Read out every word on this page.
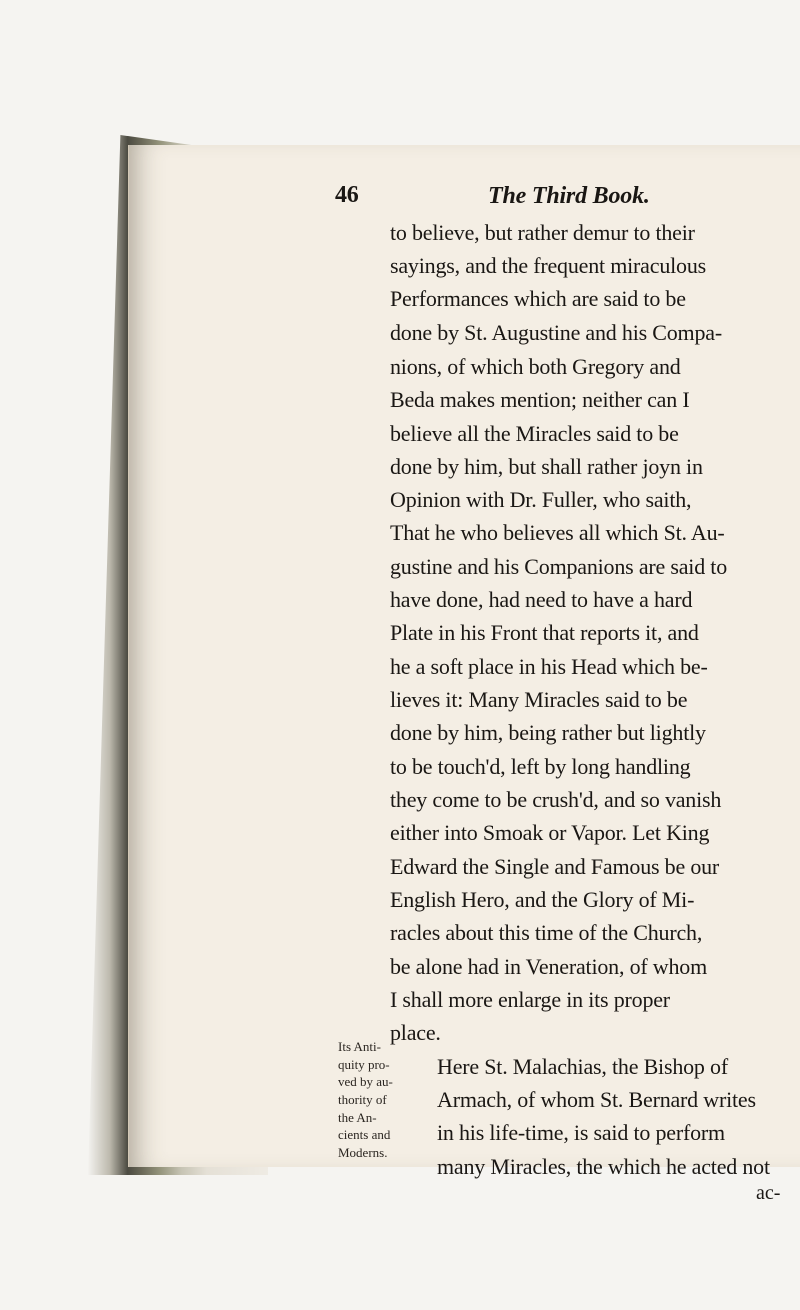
46	The Third Book.
to believe, but rather demur to their
sayings, and the frequent miraculous
Performances which are said to be
done by St. Augustine and his Compa-
nions, of which both Gregory and
Beda makes mention; neither can I
believe all the Miracles said to be
done by him, but shall rather joyn in
Opinion with Dr. Fuller, who saith,
That he who believes all which St. Au-
gustine and his Companions are said to
have done, had need to have a hard
Plate in his Front that reports it, and
he a soft place in his Head which be-
lieves it: Many Miracles said to be
done by him, being rather but lightly
to be touch'd, left by long handling
they come to be crush'd, and so vanish
either into Smoak or Vapor. Let King
Edward the Single and Famous be our
English Hero, and the Glory of Mi-
racles about this time of the Church,
be alone had in Veneration, of whom
I shall more enlarge in its proper
place.
Here St. Malachias, the Bishop of
Armach, of whom St. Bernard writes
in his life-time, is said to perform
many Miracles, the which he acted not
Its Anti-
quity pro-
ved by au-
thority of
the An-
cients and
Moderns.
ac-
